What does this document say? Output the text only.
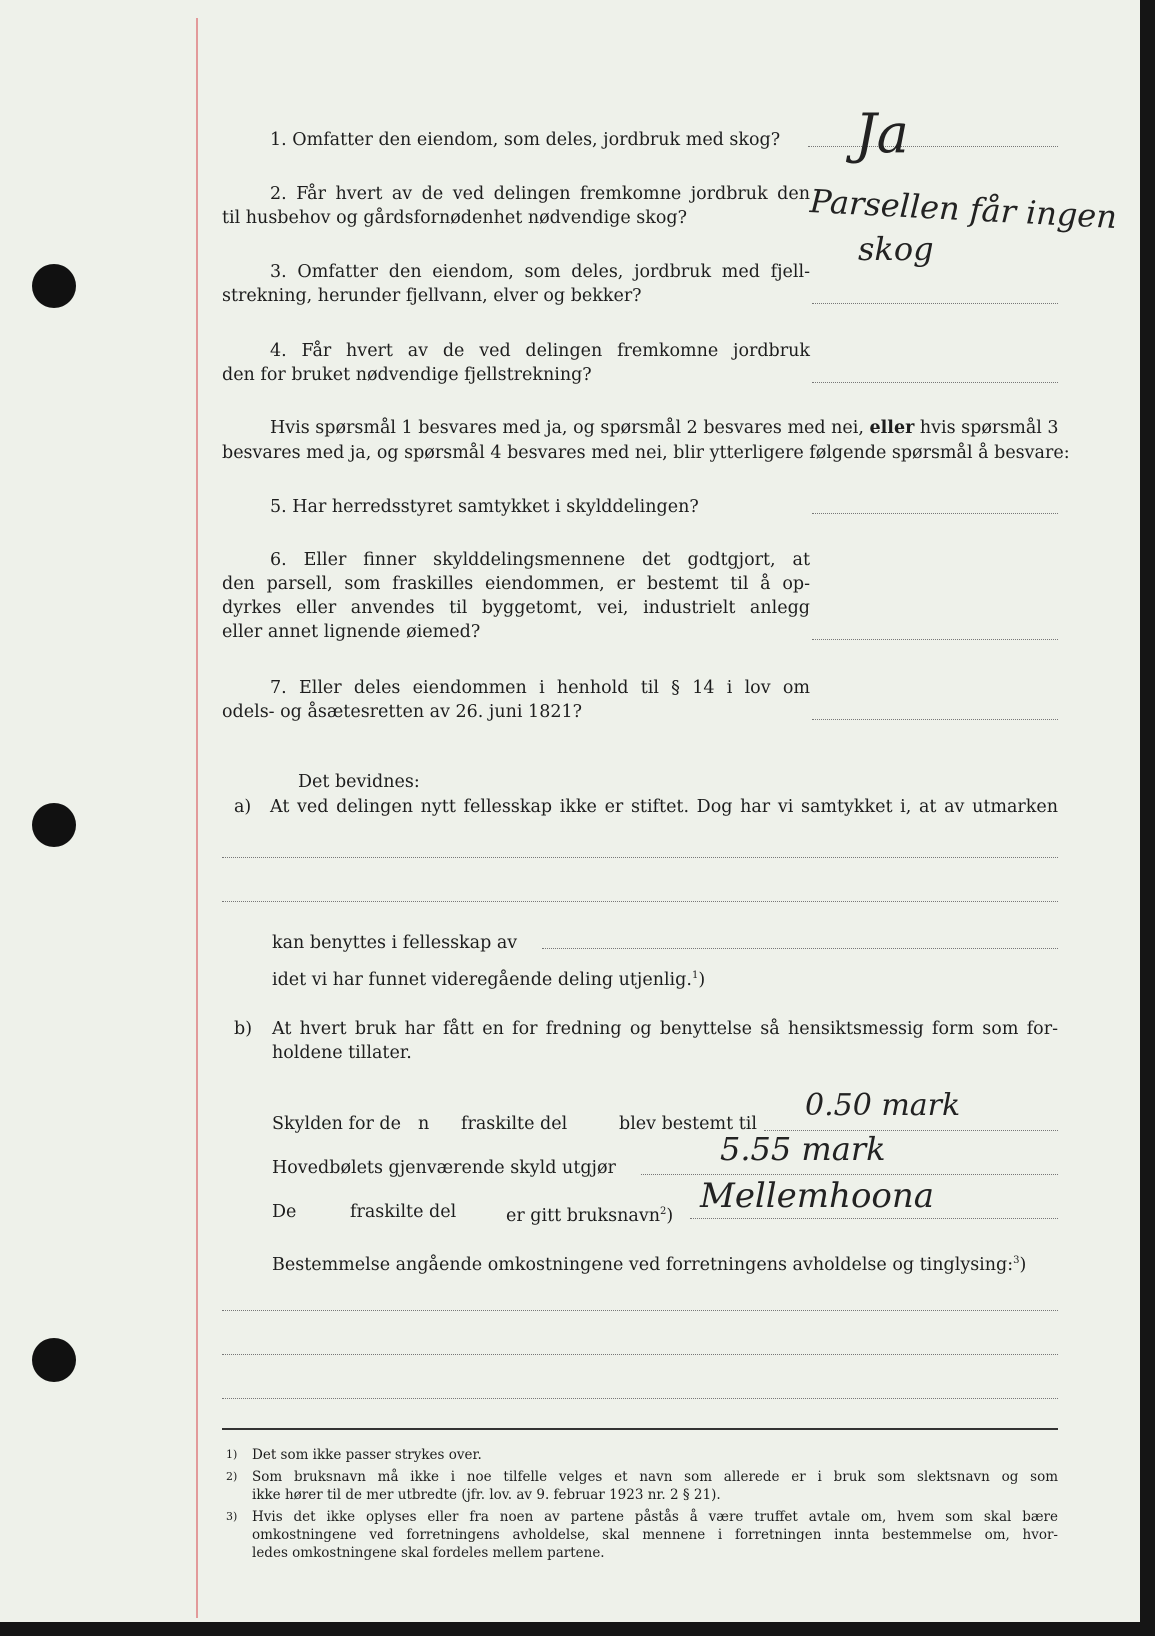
1. Omfatter den eiendom, som deles, jordbruk med skog? Ja
2. Får hvert av de ved delingen fremkomne jordbruk den
til husbehov og gårdsfornødenhet nødvendige skog?	Parsellen får ingen
skog
3. Omfatter den eiendom, som deles, jordbruk med fjell-
strekning, herunder fjellvann, elver og bekker?
4. Får hvert av de ved delingen fremkomne jordbruk
den for bruket nødvendige fjellstrekning?
Hvis spørsmål 1 besvares med ja, og spørsmål 2 besvares med nei, eller hvis spørsmål 3
besvares med ja, og spørsmål 4 besvares med nei, blir ytterligere følgende spørsmål å besvare:
5. Har herredsstyret samtykket i skylddelingen?
6. Eller finner skylddelingsmennene det godtgjort, at
den parsell, som fraskilles eiendommen, er bestemt til å op-
dyrkes eller anvendes til byggetomt, vei, industrielt anlegg
eller annet lignende øiemed?
7. Eller deles eiendommen i henhold til § 14 i lov om
odels- og åsætesretten av 26. juni 1821?
Det bevidnes:
a) At ved delingen nytt fellesskap ikke er stiftet. Dog har vi samtykket i, at av utmarken
kan benyttes i fellesskap av
idet vi har funnet videregående deling utjenlig.$^1$)
b) At hvert bruk har fått en for fredning og benyttelse så hensiktsmessig form som for-
holdene tillater.
Skylden for de n fraskilte del	blev bestemt til
0.50 mark
Hovedbølets gjenværende skyld utgjør	5.55 mark
De	fraskilte del	er gitt bruksnavn$^2$) Mellemhoona
Bestemmelse angående omkostningene ved forretningens avholdelse og tinglysing:$^3$)
1) Det som ikke passer strykes over.
2) Som bruksnavn må ikke i noe tilfelle velges et navn som allerede er i bruk som slektsnavn og som
ikke hører til de mer utbredte (jfr. lov. av 9. februar 1923 nr. 2 § 21).
3) Hvis det ikke oplyses eller fra noen av partene påstås å være truffet avtale om, hvem som skal bære
omkostningene ved forretningens avholdelse, skal mennene i forretningen innta bestemmelse om, hvor-
ledes omkostningene skal fordeles mellem partene.
